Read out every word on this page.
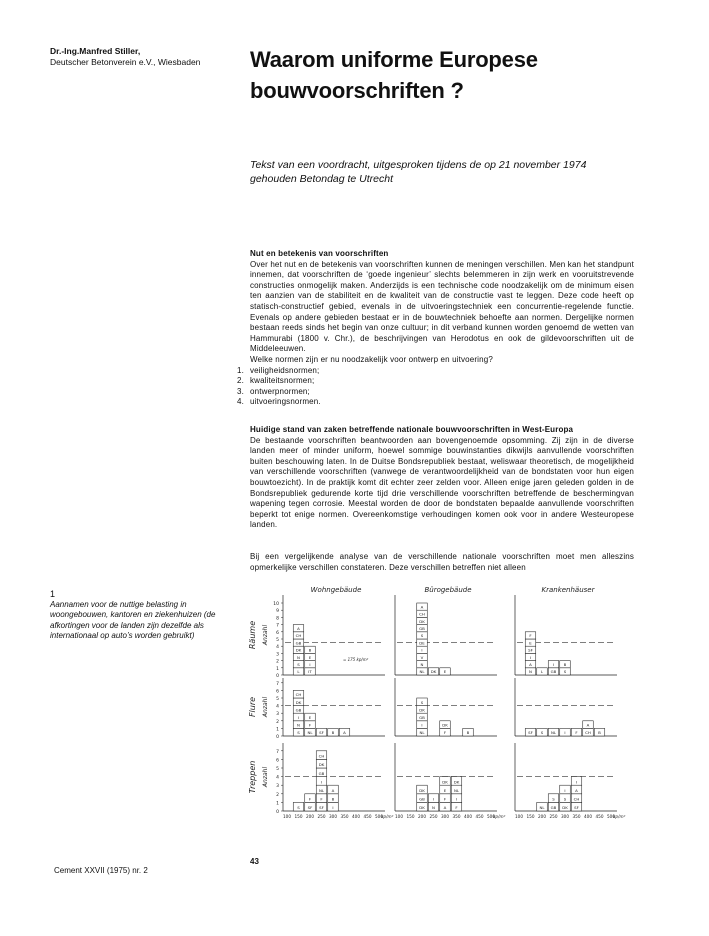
Dr.-Ing.Manfred Stiller,
Deutscher Betonverein e.V., Wiesbaden	Waarom uniforme Europese
bouwvoorschriften ?
Tekst van een voordracht, uitgesproken tijdens de op 21 november 1974
gehouden Betondag te Utrecht
Nut en betekenis van voorschriften

Over het nut en de betekenis van voorschriften kunnen de meningen verschillen. Men kan het standpunt innemen, dat voorschriften de ‘goede ingenieur’ slechts belemmeren in zijn werk en vooruitstrevende constructies onmogelijk maken. Anderzijds is een technische code noodzakelijk om de minimum eisen ten aanzien van de stabiliteit en de kwaliteit van de constructie vast te leggen. Deze code heeft op statisch-constructief gebied, evenals in de uitvoeringstechniek een concurrentie-regelende functie. Evenals op andere gebieden bestaat er in de bouwtechniek behoefte aan normen. Dergelijke normen bestaan reeds sinds het begin van onze cultuur; in dit verband kunnen worden genoemd de wetten van Hammurabi (1800 v. Chr.), de beschrijvingen van Herodotus en ook de gildevoorschriften uit de Middeleeuwen.

Welke normen zijn er nu noodzakelijk voor ontwerp en uitvoering?
1. veiligheidsnormen;
2. kwaliteitsnormen;
3. ontwerpnormen;
4. uitvoeringsnormen.
Huidige stand van zaken betreffende nationale bouwvoorschriften in West-Europa

De bestaande voorschriften beantwoorden aan bovengenoemde opsomming. Zij zijn in de diverse landen meer of minder uniform, hoewel sommige bouwinstanties dikwijls aanvullende voorschriften buiten beschouwing laten. In de Duitse Bondsrepubliek bestaat, weliswaar theoretisch, de mogelijkheid van verschillende voorschriften (vanwege de verantwoordelijkheid van de bondstaten voor hun eigen bouwtoezicht). In de praktijk komt dit echter zeer zelden voor. Alleen enige jaren geleden golden in de Bondsrepubliek gedurende korte tijd drie verschillende voorschriften betreffende de beschermingvan wapening tegen corrosie. Meestal worden de door de bondstaten bepaalde aanvullende voorschriften beperkt tot enige normen. Overeenkomstige verhoudingen komen ook voor in andere Westeuropese landen.

Bij een vergelijkende analyse van de verschillende nationale voorschriften moet men alleszins opmerkelijke verschillen constateren. Deze verschillen betreffen niet alleen

1
Aannamen voor de nuttige belasting in woongebouwen, kantoren en ziekenhuizen (de afkortingen voor de landen zijn dezelfde als internationaal op auto’s worden gebruikt)
Wohngebäude	Bürogebäude	Krankenhäuser
Räume Anzahl
Flure Anzahl
Treppen Anzahl
0
1
2
3
4
5
6
7
8
9
10
0
1
2
3
4
5
6
7
0
1
2
3
4
5
6
7
100 150 200 250 300 350 400 450 500
kp/m² 100 150 200 250 300 350 400 450 500
kp/m² 100 150 200 250 300 350 400 450 500
kp/m²
= 175 kp/m²
L
S
N
DK
GB
CH
A
IT
I
E
B
S
N
I
GB
DK
CH
NL
F
E
SF B A
S SF
F
SF
F
NL
I
GB
DK
CH
I
B
A
NL
N
V
I
DE
S
GB
DK
CH
A
DK E
NL
I
GB
DK
S
F
DK
B
DK
GB
DK
N
I
A
F
E
DK
F
I
NL
DK
N
A
I
SF
E
F
L GB
I
S
B
SF S NL I	F CH
A
B
NL GB
S
DK
S
I
SF
CH
A
I
43
Cement XXVII (1975) nr. 2
